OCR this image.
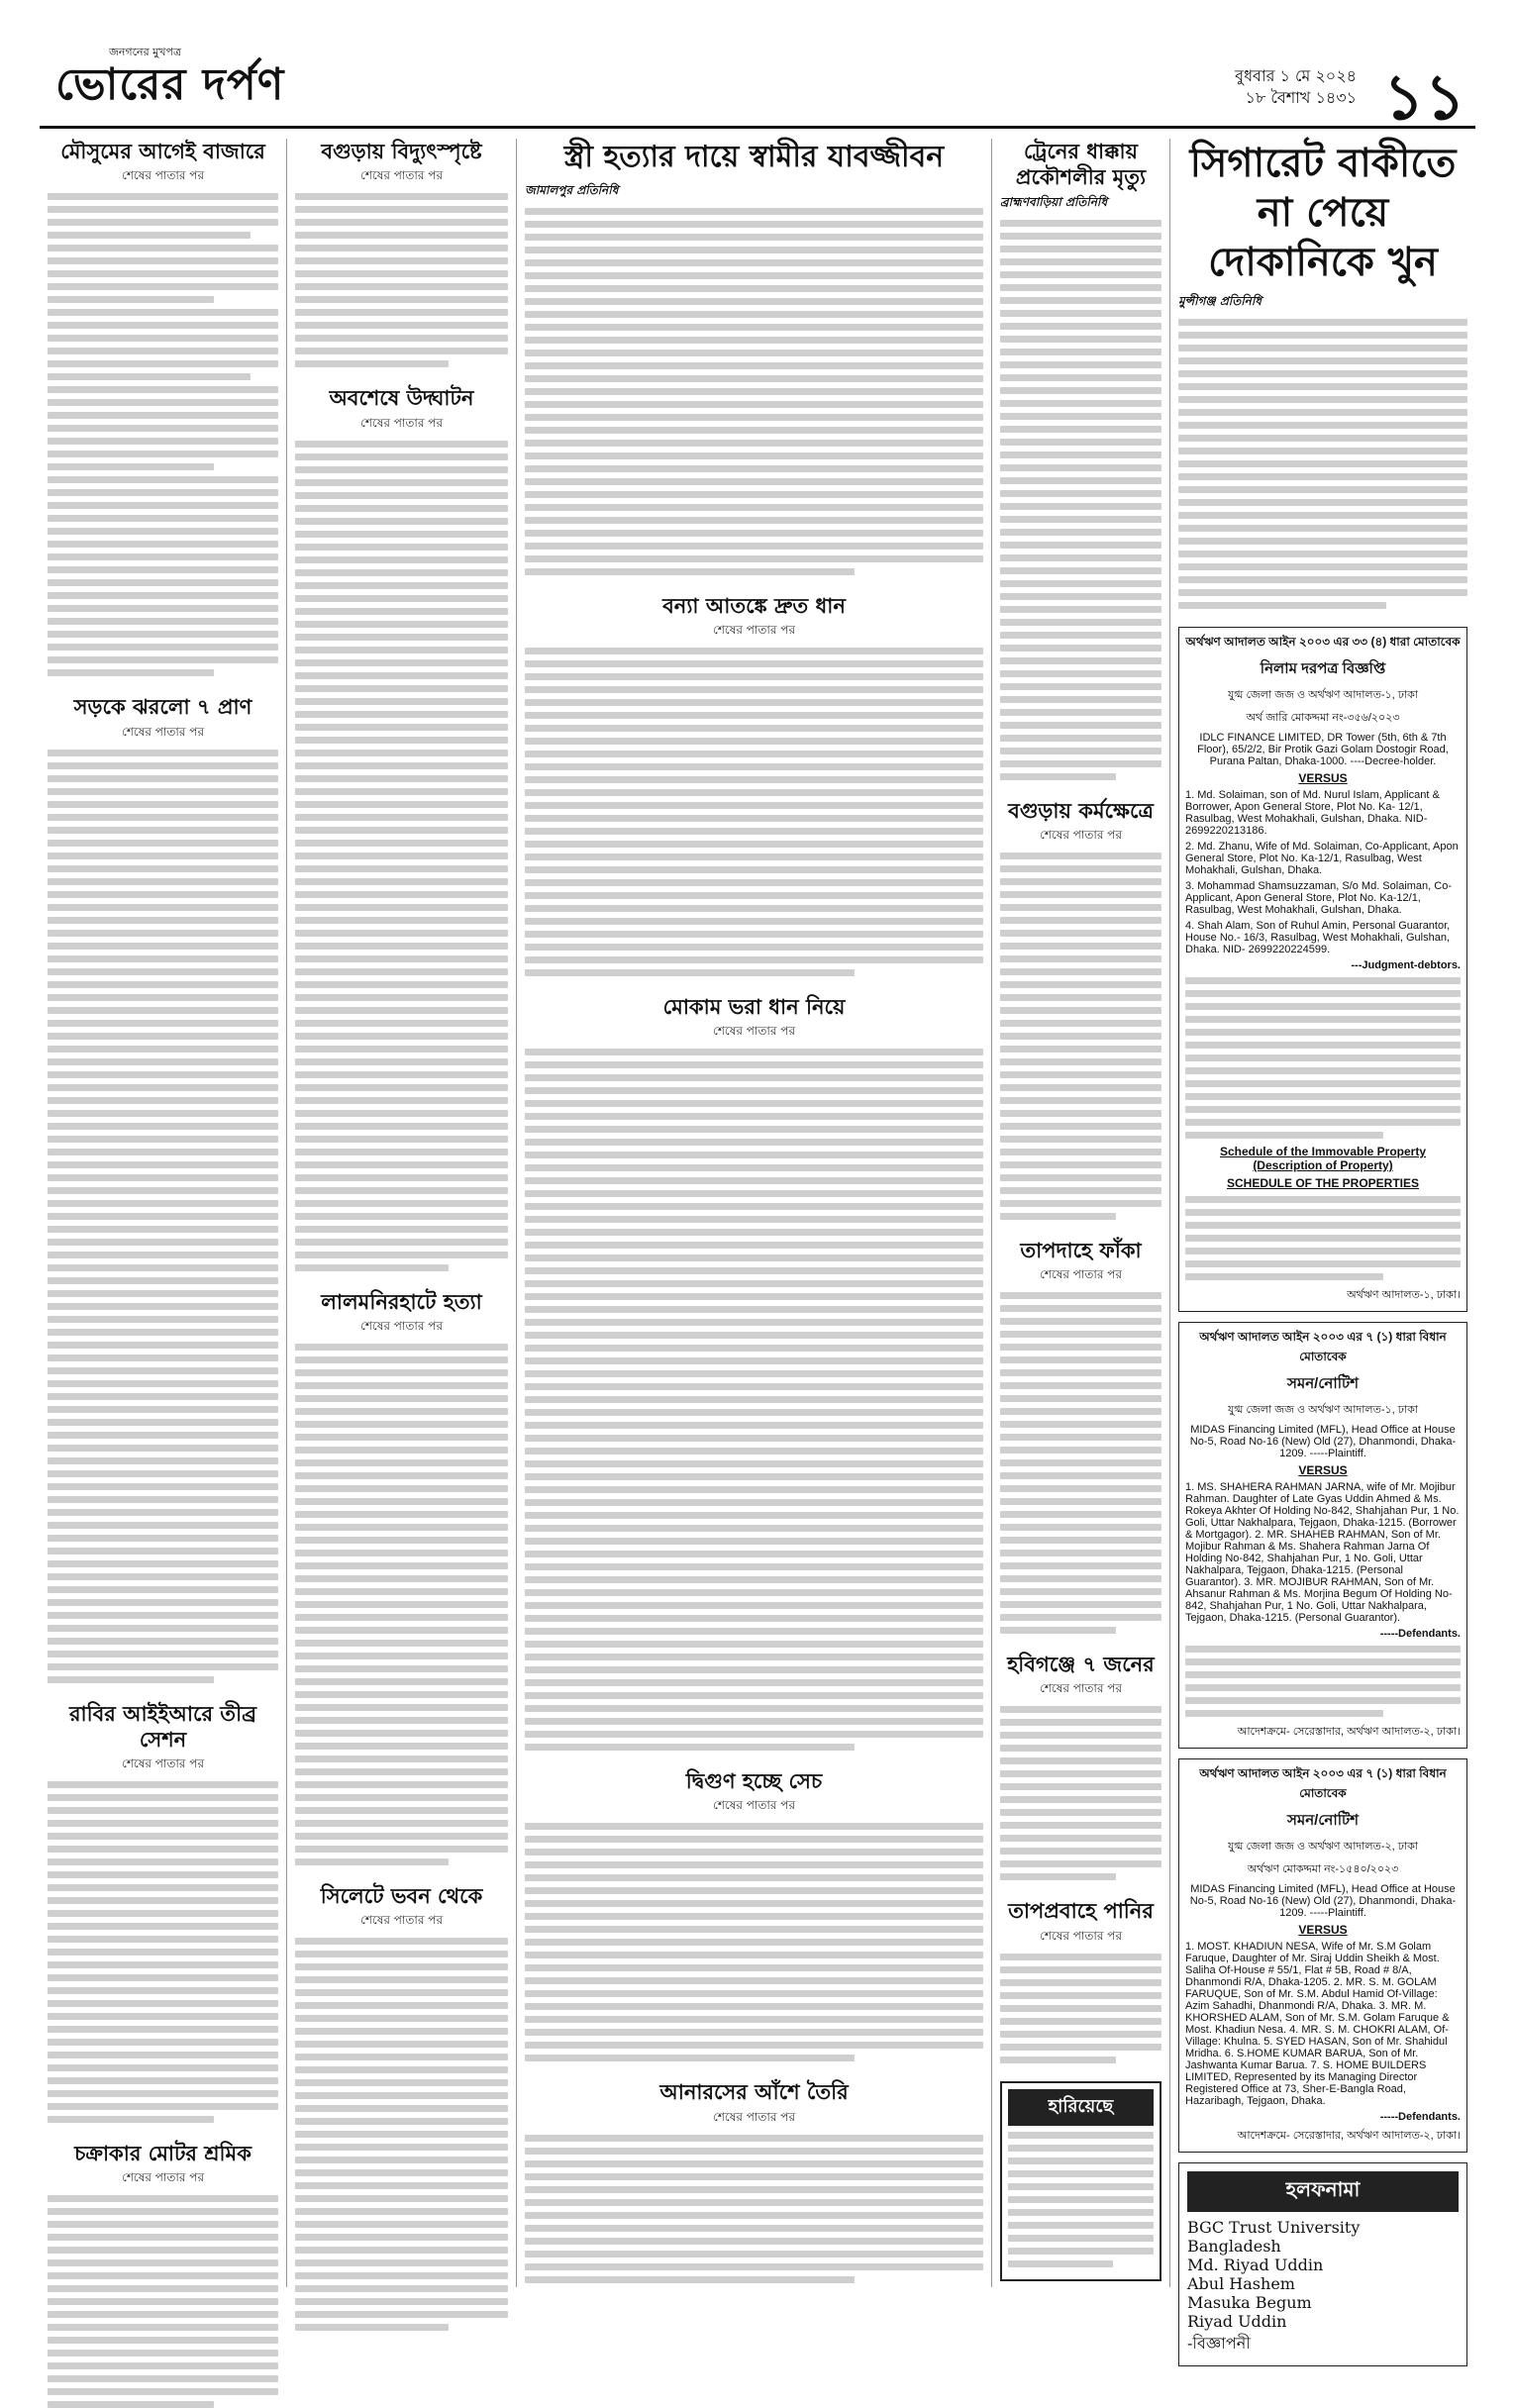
জনগনের মুখপত্র
ভোরের দর্পণ	বুধবার ১ মে ২০২৪
১৮ বৈশাখ ১৪৩১ ১১
মৌসুমের আগেই বাজারে
শেষের পাতার পর
সড়কে ঝরলো ৭ প্রাণ
শেষের পাতার পর
রাবির আইইআরে তীব্র সেশন
শেষের পাতার পর
চক্রাকার মোটর শ্রমিক
শেষের পাতার পর
বগুড়ায় বিদ্যুৎস্পৃষ্টে
শেষের পাতার পর
অবশেষে উদ্ঘাটন
শেষের পাতার পর
লালমনিরহাটে হত্যা
শেষের পাতার পর
সিলেটে ভবন থেকে
শেষের পাতার পর
স্ত্রী হত্যার দায়ে স্বামীর যাবজ্জীবন
জামালপুর প্রতিনিধি
বন্যা আতঙ্কে দ্রুত ধান
শেষের পাতার পর
মোকাম ভরা ধান নিয়ে
শেষের পাতার পর
দ্বিগুণ হচ্ছে সেচ
শেষের পাতার পর
আনারসের আঁশে তৈরি
শেষের পাতার পর
ট্রেনের ধাক্কায় প্রকৌশলীর মৃত্যু
ব্রাহ্মণবাড়িয়া প্রতিনিধি
বগুড়ায় কর্মক্ষেত্রে
শেষের পাতার পর
তাপদাহে ফাঁকা
শেষের পাতার পর
হবিগঞ্জে ৭ জনের
শেষের পাতার পর
তাপপ্রবাহে পানির
শেষের পাতার পর
হারিয়েছে
সিগারেট বাকীতে না পেয়ে দোকানিকে খুন
মুন্সীগঞ্জ প্রতিনিধি
অর্থঋণ আদালত আইন ২০০৩ এর ৩৩ (৪) ধারা মোতাবেক
নিলাম দরপত্র বিজ্ঞপ্তি
যুগ্ম জেলা জজ ও অর্থঋণ আদালত-১, ঢাকা
অর্থ জারি মোকদ্দমা নং-৩৫৬/২০২৩
IDLC FINANCE LIMITED, DR Tower (5th, 6th & 7th Floor), 65/2/2, Bir Protik Gazi Golam Dostogir Road, Purana Paltan, Dhaka-1000. ----Decree-holder.
VERSUS
1. Md. Solaiman, son of Md. Nurul Islam, Applicant & Borrower, Apon General Store, Plot No. Ka- 12/1, Rasulbag, West Mohakhali, Gulshan, Dhaka. NID- 2699220213186.
2. Md. Zhanu, Wife of Md. Solaiman, Co-Applicant, Apon General Store, Plot No. Ka-12/1, Rasulbag, West Mohakhali, Gulshan, Dhaka.
3. Mohammad Shamsuzzaman, S/o Md. Solaiman, Co-Applicant, Apon General Store, Plot No. Ka-12/1, Rasulbag, West Mohakhali, Gulshan, Dhaka.
4. Shah Alam, Son of Ruhul Amin, Personal Guarantor, House No.- 16/3, Rasulbag, West Mohakhali, Gulshan, Dhaka. NID- 2699220224599.
---Judgment-debtors.
Schedule of the Immovable Property (Description of Property)
SCHEDULE OF THE PROPERTIES
অর্থঋণ আদালত-১, ঢাকা।
অর্থঋণ আদালত আইন ২০০৩ এর ৭ (১) ধারা বিধান মোতাবেক
সমন/নোটিশ
যুগ্ম জেলা জজ ও অর্থঋণ আদালত-১, ঢাকা
MIDAS Financing Limited (MFL), Head Office at House No-5, Road No-16 (New) Old (27), Dhanmondi, Dhaka-1209. -----Plaintiff.
VERSUS
1. MS. SHAHERA RAHMAN JARNA, wife of Mr. Mojibur Rahman. Daughter of Late Gyas Uddin Ahmed & Ms. Rokeya Akhter Of Holding No-842, Shahjahan Pur, 1 No. Goli, Uttar Nakhalpara, Tejgaon, Dhaka-1215. (Borrower & Mortgagor). 2. MR. SHAHEB RAHMAN, Son of Mr. Mojibur Rahman & Ms. Shahera Rahman Jarna Of Holding No-842, Shahjahan Pur, 1 No. Goli, Uttar Nakhalpara, Tejgaon, Dhaka-1215. (Personal Guarantor). 3. MR. MOJIBUR RAHMAN, Son of Mr. Ahsanur Rahman & Ms. Morjina Begum Of Holding No- 842, Shahjahan Pur, 1 No. Goli, Uttar Nakhalpara, Tejgaon, Dhaka-1215. (Personal Guarantor).
-----Defendants.
আদেশক্রমে- সেরেস্তাদার, অর্থঋণ আদালত-২, ঢাকা।
অর্থঋণ আদালত আইন ২০০৩ এর ৭ (১) ধারা বিধান মোতাবেক
সমন/নোটিশ
যুগ্ম জেলা জজ ও অর্থঋণ আদালত-২, ঢাকা
অর্থঋণ মোকদ্দমা নং-১৫৪০/২০২৩
MIDAS Financing Limited (MFL), Head Office at House No-5, Road No-16 (New) Old (27), Dhanmondi, Dhaka-1209. -----Plaintiff.
VERSUS
1. MOST. KHADIUN NESA, Wife of Mr. S.M Golam Faruque, Daughter of Mr. Siraj Uddin Sheikh & Most. Saliha Of-House # 55/1, Flat # 5B, Road # 8/A, Dhanmondi R/A, Dhaka-1205. 2. MR. S. M. GOLAM FARUQUE, Son of Mr. S.M. Abdul Hamid Of-Village: Azim Sahadhi, Dhanmondi R/A, Dhaka. 3. MR. M. KHORSHED ALAM, Son of Mr. S.M. Golam Faruque & Most. Khadiun Nesa. 4. MR. S. M. CHOKRI ALAM, Of-Village: Khulna. 5. SYED HASAN, Son of Mr. Shahidul Mridha. 6. S.HOME KUMAR BARUA, Son of Mr. Jashwanta Kumar Barua. 7. S. HOME BUILDERS LIMITED, Represented by its Managing Director Registered Office at 73, Sher-E-Bangla Road, Hazaribagh, Tejgaon, Dhaka.
-----Defendants.
আদেশক্রমে- সেরেস্তাদার, অর্থঋণ আদালত-২, ঢাকা।
হলফনামা
BGC Trust University Bangladesh
Md. Riyad Uddin
Abul Hashem
Masuka Begum
Riyad Uddin
-বিজ্ঞাপনী
